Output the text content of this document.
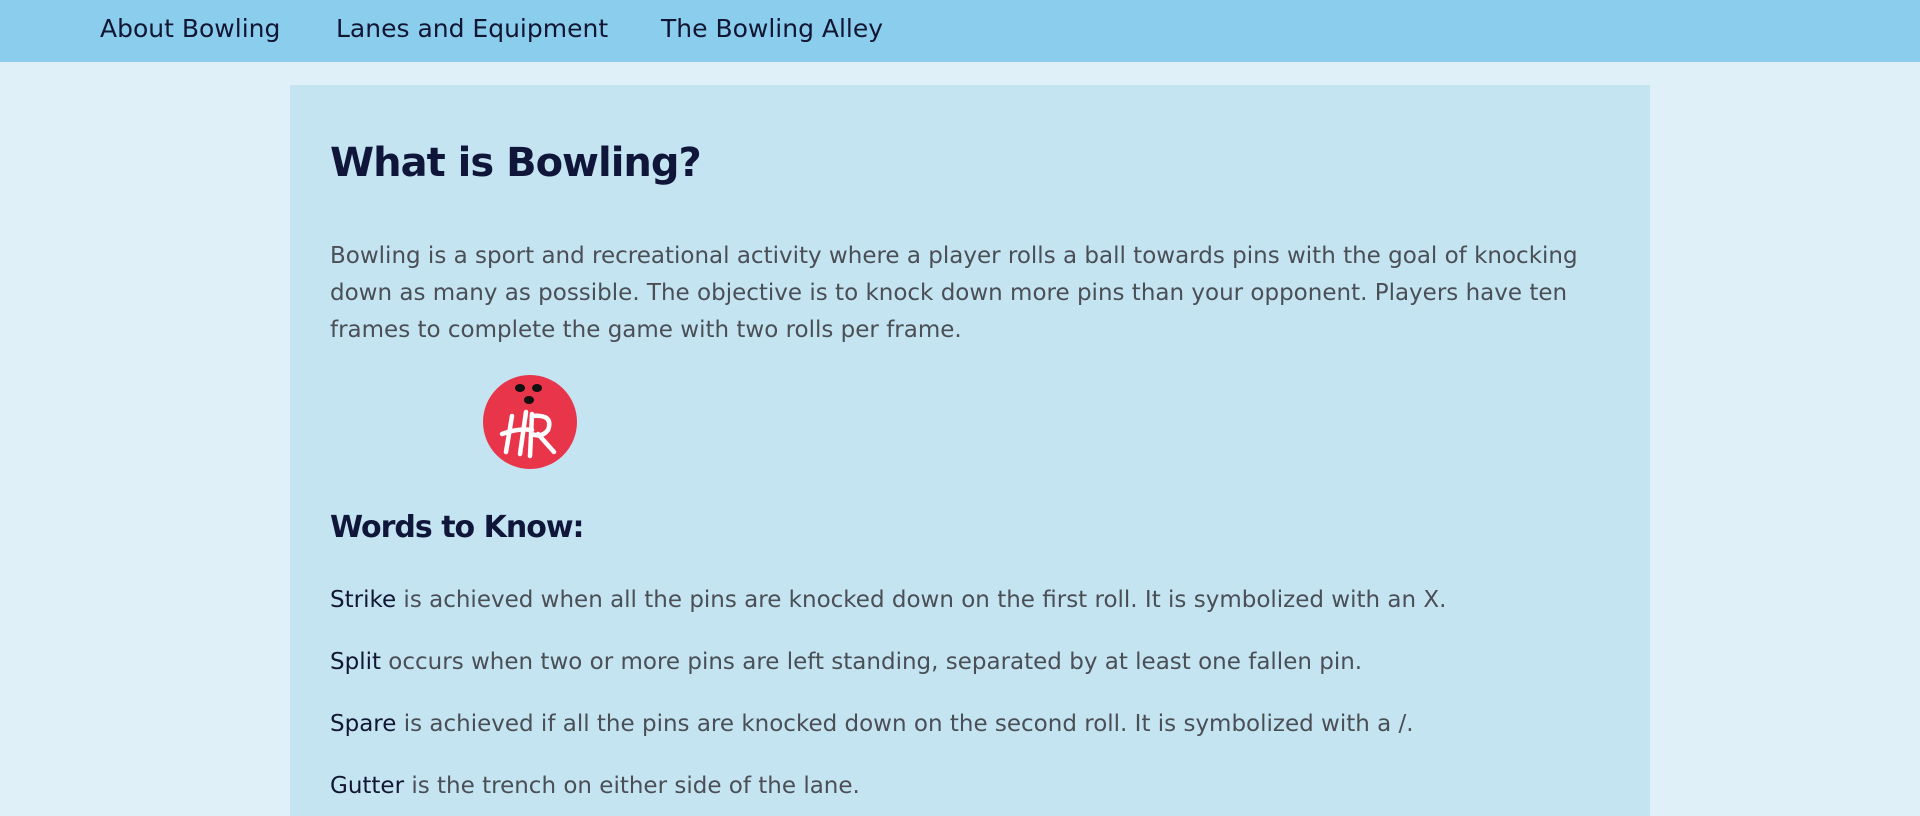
About Bowling Lanes and Equipment The Bowling Alley
What is Bowling?

Bowling is a sport and recreational activity where a player rolls a ball towards pins with the goal of knocking down as many as possible. The objective is to knock down more pins than your opponent. Players have ten frames to complete the game with two rolls per frame.

Words to Know:

Strike is achieved when all the pins are knocked down on the first roll. It is symbolized with an X.

Split occurs when two or more pins are left standing, separated by at least one fallen pin.

Spare is achieved if all the pins are knocked down on the second roll. It is symbolized with a /.

Gutter is the trench on either side of the lane.
